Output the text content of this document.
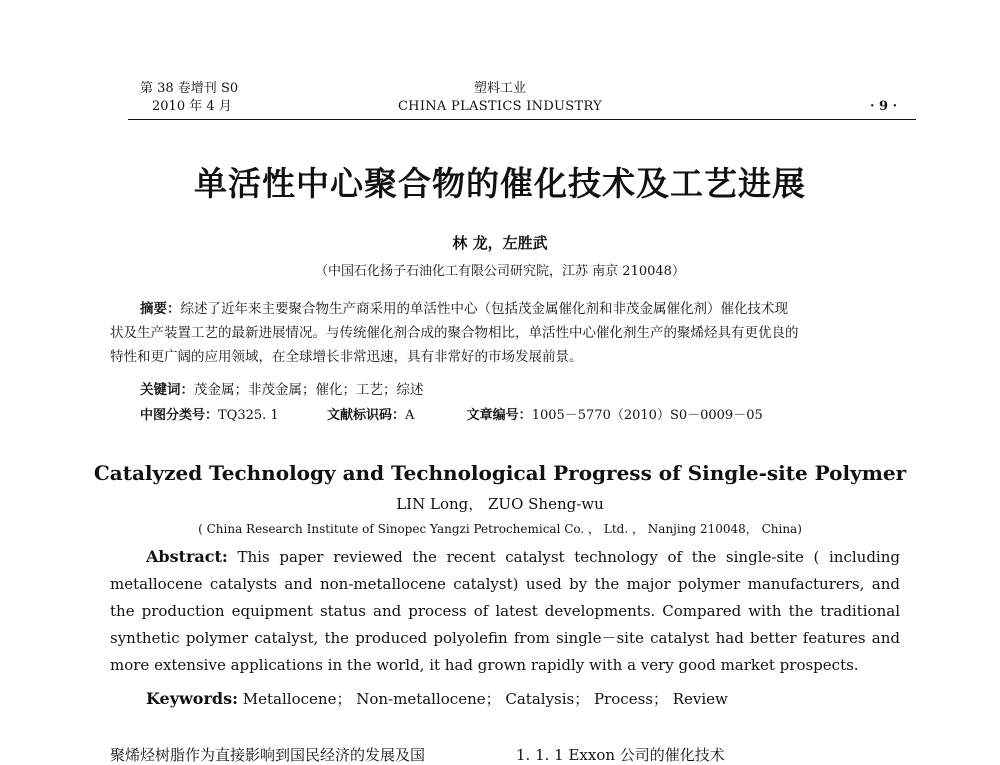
第 38 卷增刊 S0
2010 年 4 月
塑料工业
CHINA PLASTICS INDUSTRY	· 9 ·
单活性中心聚合物的催化技术及工艺进展
林 龙，左胜武
（中国石化扬子石油化工有限公司研究院，江苏 南京 210048）
摘要：综述了近年来主要聚合物生产商采用的单活性中心（包括茂金属催化剂和非茂金属催化剂）催化技术现
状及生产装置工艺的最新进展情况。与传统催化剂合成的聚合物相比，单活性中心催化剂生产的聚烯烃具有更优良的
特性和更广阔的应用领域，在全球增长非常迅速，具有非常好的市场发展前景。
关键词：茂金属；非茂金属；催化；工艺；综述
中图分类号：TQ325. 1	文献标识码：A	文章编号：1005－5770（2010）S0－0009－05
Catalyzed Technology and Technological Progress of Single-site Polymer
LIN Long， ZUO Sheng-wu
( China Research Institute of Sinopec Yangzi Petrochemical Co. ， Ltd. ， Nanjing 210048， China)
Abstract: This paper reviewed the recent catalyst technology of the single-site ( including metallocene catalysts and non-metallocene catalyst) used by the major polymer manufacturers, and the production equipment status and process of latest developments. Compared with the traditional synthetic polymer catalyst, the produced polyolefin from single－site catalyst had better features and more extensive applications in the world, it had grown rapidly with a very good market prospects.
Keywords: Metallocene； Non-metallocene； Catalysis； Process； Review
聚烯烃树脂作为直接影响到国民经济的发展及国	1. 1. 1 Exxon 公司的催化技术
